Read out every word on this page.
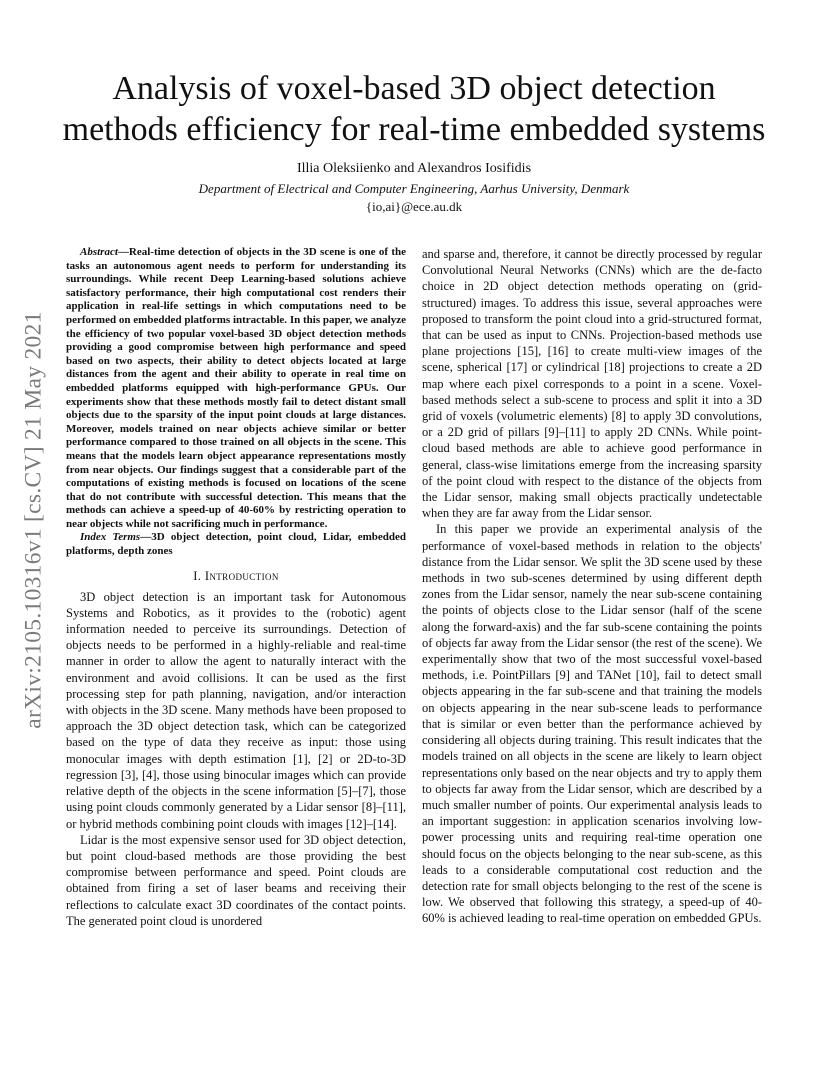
arXiv:2105.10316v1 [cs.CV] 21 May 2021
Analysis of voxel-based 3D object detection methods efficiency for real-time embedded systems
Illia Oleksiienko and Alexandros Iosifidis
Department of Electrical and Computer Engineering, Aarhus University, Denmark
{io,ai}@ece.au.dk

Abstract—Real-time detection of objects in the 3D scene is one of the tasks an autonomous agent needs to perform for understanding its surroundings. While recent Deep Learning-based solutions achieve satisfactory performance, their high computational cost renders their application in real-life settings in which computations need to be performed on embedded platforms intractable. In this paper, we analyze the efficiency of two popular voxel-based 3D object detection methods providing a good compromise between high performance and speed based on two aspects, their ability to detect objects located at large distances from the agent and their ability to operate in real time on embedded platforms equipped with high-performance GPUs. Our experiments show that these methods mostly fail to detect distant small objects due to the sparsity of the input point clouds at large distances. Moreover, models trained on near objects achieve similar or better performance compared to those trained on all objects in the scene. This means that the models learn object appearance representations mostly from near objects. Our findings suggest that a considerable part of the computations of existing methods is focused on locations of the scene that do not contribute with successful detection. This means that the methods can achieve a speed-up of 40-60% by restricting operation to near objects while not sacrificing much in performance.

Index Terms—3D object detection, point cloud, Lidar, embedded platforms, depth zones

I. Introduction

3D object detection is an important task for Autonomous Systems and Robotics, as it provides to the (robotic) agent information needed to perceive its surroundings. Detection of objects needs to be performed in a highly-reliable and real-time manner in order to allow the agent to naturally interact with the environment and avoid collisions. It can be used as the first processing step for path planning, navigation, and/or interaction with objects in the 3D scene. Many methods have been proposed to approach the 3D object detection task, which can be categorized based on the type of data they receive as input: those using monocular images with depth estimation [1], [2] or 2D-to-3D regression [3], [4], those using binocular images which can provide relative depth of the objects in the scene information [5]–[7], those using point clouds commonly generated by a Lidar sensor [8]–[11], or hybrid methods combining point clouds with images [12]–[14].

Lidar is the most expensive sensor used for 3D object detection, but point cloud-based methods are those providing the best compromise between performance and speed. Point clouds are obtained from firing a set of laser beams and receiving their reflections to calculate exact 3D coordinates of the contact points. The generated point cloud is unordered

and sparse and, therefore, it cannot be directly processed by regular Convolutional Neural Networks (CNNs) which are the de-facto choice in 2D object detection methods operating on (grid-structured) images. To address this issue, several approaches were proposed to transform the point cloud into a grid-structured format, that can be used as input to CNNs. Projection-based methods use plane projections [15], [16] to create multi-view images of the scene, spherical [17] or cylindrical [18] projections to create a 2D map where each pixel corresponds to a point in a scene. Voxel-based methods select a sub-scene to process and split it into a 3D grid of voxels (volumetric elements) [8] to apply 3D convolutions, or a 2D grid of pillars [9]–[11] to apply 2D CNNs. While point-cloud based methods are able to achieve good performance in general, class-wise limitations emerge from the increasing sparsity of the point cloud with respect to the distance of the objects from the Lidar sensor, making small objects practically undetectable when they are far away from the Lidar sensor.

In this paper we provide an experimental analysis of the performance of voxel-based methods in relation to the objects' distance from the Lidar sensor. We split the 3D scene used by these methods in two sub-scenes determined by using different depth zones from the Lidar sensor, namely the near sub-scene containing the points of objects close to the Lidar sensor (half of the scene along the forward-axis) and the far sub-scene containing the points of objects far away from the Lidar sensor (the rest of the scene). We experimentally show that two of the most successful voxel-based methods, i.e. PointPillars [9] and TANet [10], fail to detect small objects appearing in the far sub-scene and that training the models on objects appearing in the near sub-scene leads to performance that is similar or even better than the performance achieved by considering all objects during training. This result indicates that the models trained on all objects in the scene are likely to learn object representations only based on the near objects and try to apply them to objects far away from the Lidar sensor, which are described by a much smaller number of points. Our experimental analysis leads to an important suggestion: in application scenarios involving low-power processing units and requiring real-time operation one should focus on the objects belonging to the near sub-scene, as this leads to a considerable computational cost reduction and the detection rate for small objects belonging to the rest of the scene is low. We observed that following this strategy, a speed-up of 40-60% is achieved leading to real-time operation on embedded GPUs.
